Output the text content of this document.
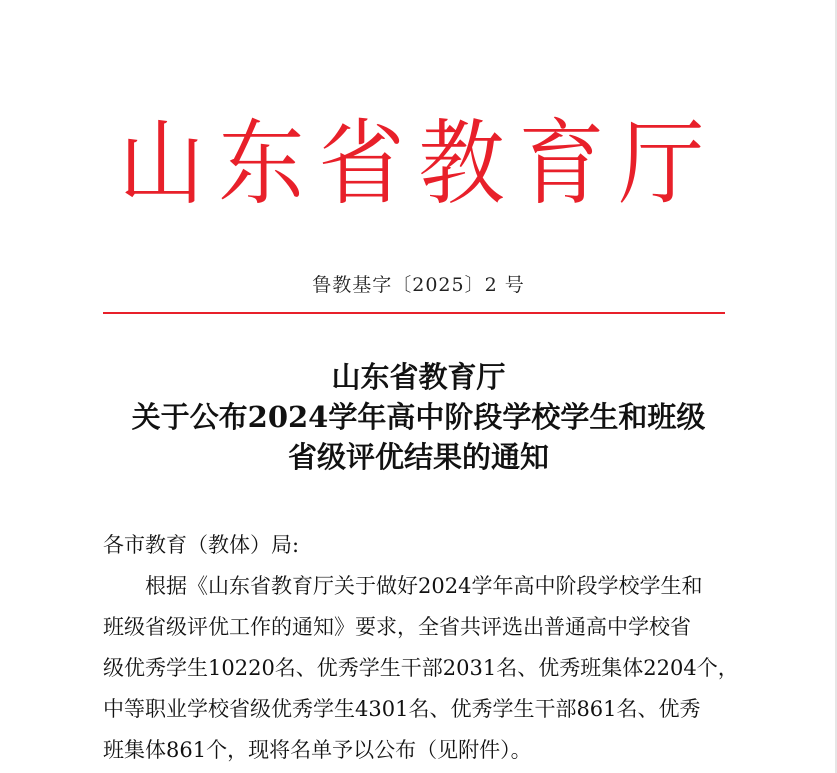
山东省教育厅
鲁教基字〔2025〕2 号
山东省教育厅
关于公布2024学年高中阶段学校学生和班级
省级评优结果的通知
各市教育（教体）局:
根据《山东省教育厅关于做好2024学年高中阶段学校学生和
班级省级评优工作的通知》要求，全省共评选出普通高中学校省
级优秀学生10220名、优秀学生干部2031名、优秀班集体2204个，
中等职业学校省级优秀学生4301名、优秀学生干部861名、优秀
班集体861个，现将名单予以公布（见附件）。
